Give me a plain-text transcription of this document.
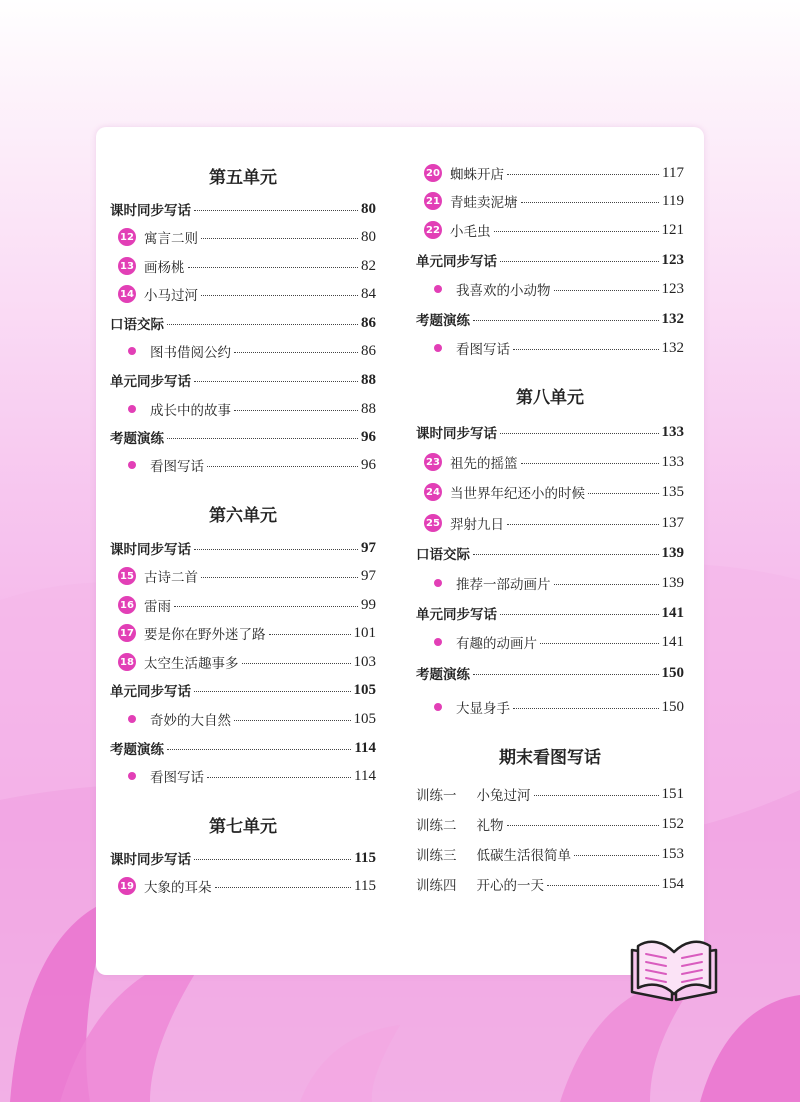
第五单元
课时同步写话	80
12 寓言二则	80
13 画杨桃	82
14 小马过河	84
口语交际	86
图书借阅公约	86
单元同步写话	88
成长中的故事	88
考题演练	96
看图写话	96
第六单元
课时同步写话	97
15 古诗二首	97
16 雷雨	99
17 要是你在野外迷了路	101
18 太空生活趣事多	103
单元同步写话	105
奇妙的大自然	105
考题演练	114
看图写话	114
第七单元
课时同步写话	115
19 大象的耳朵	115
20 蜘蛛开店	117
21 青蛙卖泥塘	119
22 小毛虫	121
单元同步写话	123
我喜欢的小动物	123
考题演练	132
看图写话	132
第八单元
课时同步写话	133
23 祖先的摇篮	133
24 当世界年纪还小的时候	135
25 羿射九日	137
口语交际	139
推荐一部动画片	139
单元同步写话	141
有趣的动画片	141
考题演练	150
大显身手	150
期末看图写话
训练一 小兔过河	151
训练二 礼物	152
训练三 低碳生活很简单	153
训练四 开心的一天	154
